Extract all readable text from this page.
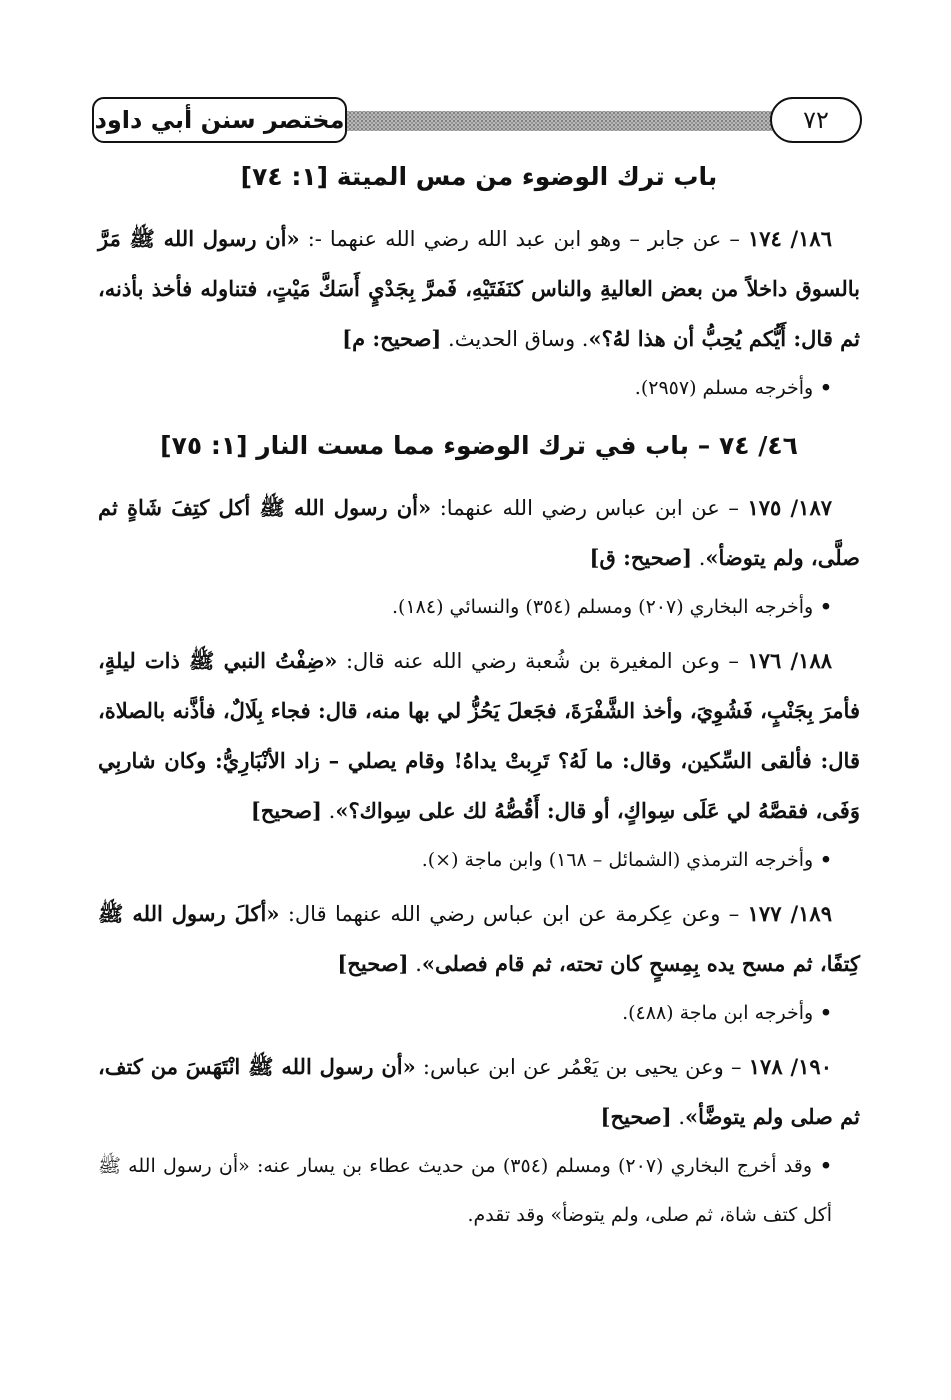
مختصر سنن أبي داود	٧٢

باب ترك الوضوء من مس الميتة [١: ٧٤]

١٨٦/ ١٧٤ – عن جابر – وهو ابن عبد الله رضي الله عنهما -: «أن رسول الله ﷺ مَرَّ بالسوق داخلاً من بعض العاليةِ والناس كنَفَتَيْهِ، فَمرَّ بِجَدْيٍ أَسَكَّ مَيْتٍ، فتناوله فأخذ بأذنه، ثم قال: أَيُّكم يُحِبُّ أن هذا لهُ؟». وساق الحديث. [صحيح: م]

• وأخرجه مسلم (٢٩٥٧).

٤٦/ ٧٤ – باب في ترك الوضوء مما مست النار [١: ٧٥]

١٨٧/ ١٧٥ – عن ابن عباس رضي الله عنهما: «أن رسول الله ﷺ أكل كتِفَ شَاةٍ ثم صلَّى، ولم يتوضأ». [صحيح: ق]

• وأخرجه البخاري (٢٠٧) ومسلم (٣٥٤) والنسائي (١٨٤).

١٨٨/ ١٧٦ – وعن المغيرة بن شُعبة رضي الله عنه قال: «ضِفْتُ النبي ﷺ ذات ليلةٍ، فأمرَ بِجَنْبٍ، فَشُوِيَ، وأخذ الشَّفْرَةَ، فجَعلَ يَحُزُّ لي بها منه، قال: فجاء بِلَالٌ، فأذَّنه بالصلاة، قال: فألقى السِّكين، وقال: ما لَهُ؟ تَرِبتْ يداهُ! وقام يصلي – زاد الأنْبَارِيُّ: وكان شاربِي وَفَى، فقصَّهُ لي عَلَى سِواكٍ، أو قال: أَقُصُّهُ لك على سِواك؟». [صحيح]

• وأخرجه الترمذي (الشمائل – ١٦٨) وابن ماجة (×).

١٨٩/ ١٧٧ – وعن عِكرمة عن ابن عباس رضي الله عنهما قال: «أكلَ رسول الله ﷺ كِتفًا، ثم مسح يده بِمِسحٍ كان تحته، ثم قام فصلى». [صحيح]

• وأخرجه ابن ماجة (٤٨٨).

١٩٠/ ١٧٨ – وعن يحيى بن يَعْمُر عن ابن عباس: «أن رسول الله ﷺ انْتَهَسَ من كتف، ثم صلى ولم يتوضَّأ». [صحيح]

• وقد أخرج البخاري (٢٠٧) ومسلم (٣٥٤) من حديث عطاء بن يسار عنه: «أن رسول الله ﷺ أكل كتف شاة، ثم صلى، ولم يتوضأ» وقد تقدم.
